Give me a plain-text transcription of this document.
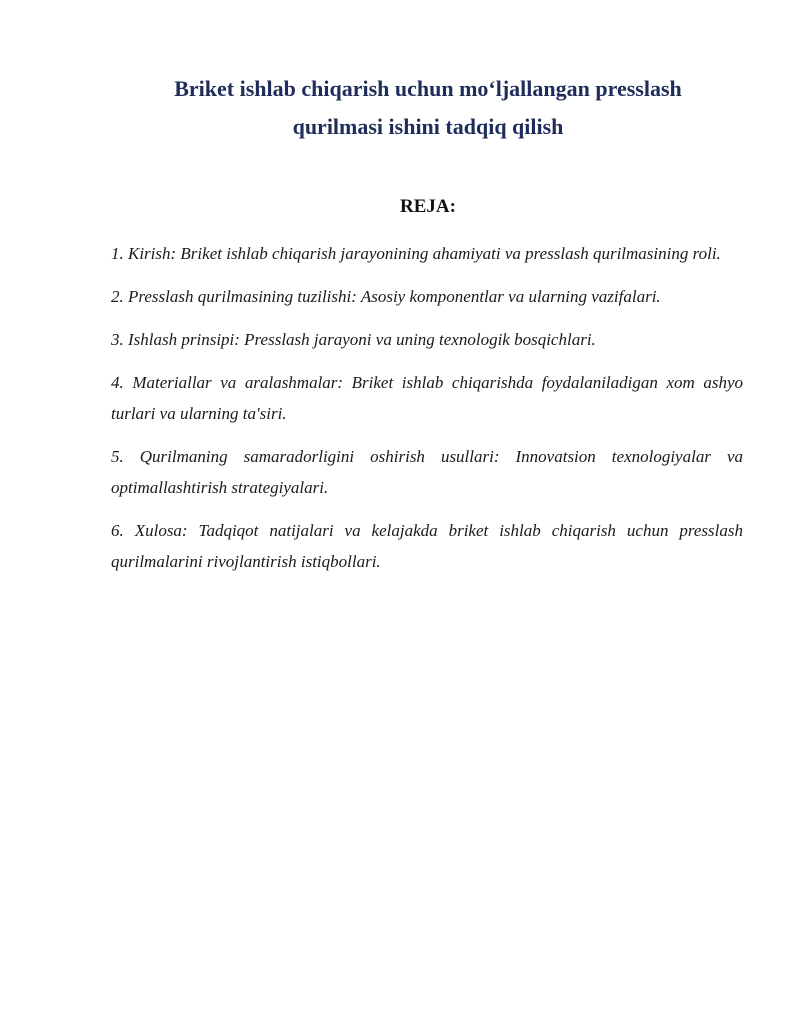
Briket ishlab chiqarish uchun mo‘ljallangan presslash
qurilmasi ishini tadqiq qilish
REJA:
1. Kirish: Briket ishlab chiqarish jarayonining ahamiyati va presslash qurilmasining roli.
2. Presslash qurilmasining tuzilishi: Asosiy komponentlar va ularning vazifalari.
3. Ishlash prinsipi: Presslash jarayoni va uning texnologik bosqichlari.
4. Materiallar va aralashmalar: Briket ishlab chiqarishda foydalaniladigan xom ashyo turlari va ularning ta'siri.
5. Qurilmaning samaradorligini oshirish usullari: Innovatsion texnologiyalar va optimallashtirish strategiyalari.
6. Xulosa: Tadqiqot natijalari va kelajakda briket ishlab chiqarish uchun presslash qurilmalarini rivojlantirish istiqbollari.
